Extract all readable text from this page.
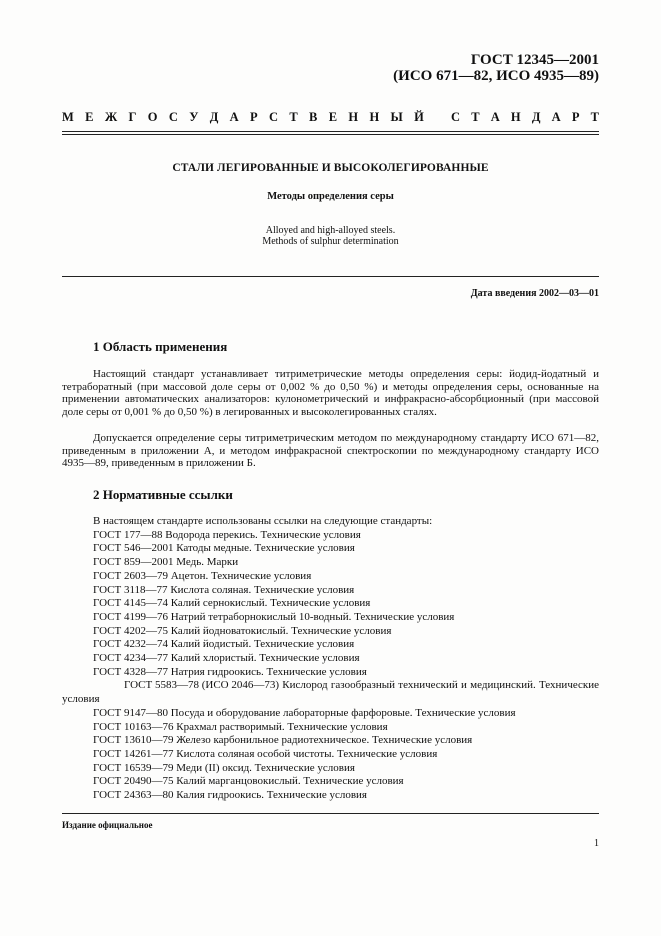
ГОСТ 12345—2001
(ИСО 671—82, ИСО 4935—89)
М Е Ж Г О С У Д А Р С Т В Е Н Н Ы Й С Т А Н Д А Р Т
СТАЛИ ЛЕГИРОВАННЫЕ И ВЫСОКОЛЕГИРОВАННЫЕ
Методы определения серы
Alloyed and high-alloyed steels.
Methods of sulphur determination
Дата введения 2002—03—01
1 Область применения
Настоящий стандарт устанавливает титриметрические методы определения серы: йодид-йодатный и тетраборатный (при массовой доле серы от 0,002 % до 0,50 %) и методы определения серы, основанные на применении автоматических анализаторов: кулонометрический и инфракрасно-абсорбционный (при массовой доле серы от 0,001 % до 0,50 %) в легированных и высоколегированных сталях.
Допускается определение серы титриметрическим методом по международному стандарту ИСО 671—82, приведенным в приложении А, и методом инфракрасной спектроскопии по международному стандарту ИСО 4935—89, приведенным в приложении Б.
2 Нормативные ссылки
В настоящем стандарте использованы ссылки на следующие стандарты:
ГОСТ 177—88 Водорода перекись. Технические условия
ГОСТ 546—2001 Катоды медные. Технические условия
ГОСТ 859—2001 Медь. Марки
ГОСТ 2603—79 Ацетон. Технические условия
ГОСТ 3118—77 Кислота соляная. Технические условия
ГОСТ 4145—74 Калий сернокислый. Технические условия
ГОСТ 4199—76 Натрий тетраборнокислый 10-водный. Технические условия
ГОСТ 4202—75 Калий йодноватокислый. Технические условия
ГОСТ 4232—74 Калий йодистый. Технические условия
ГОСТ 4234—77 Калий хлористый. Технические условия
ГОСТ 4328—77 Натрия гидроокись. Технические условия
ГОСТ 5583—78 (ИСО 2046—73) Кислород газообразный технический и медицинский. Технические условия
ГОСТ 9147—80 Посуда и оборудование лабораторные фарфоровые. Технические условия
ГОСТ 10163—76 Крахмал растворимый. Технические условия
ГОСТ 13610—79 Железо карбонильное радиотехническое. Технические условия
ГОСТ 14261—77 Кислота соляная особой чистоты. Технические условия
ГОСТ 16539—79 Меди (II) оксид. Технические условия
ГОСТ 20490—75 Калий марганцовокислый. Технические условия
ГОСТ 24363—80 Калия гидроокись. Технические условия
Издание официальное
1
